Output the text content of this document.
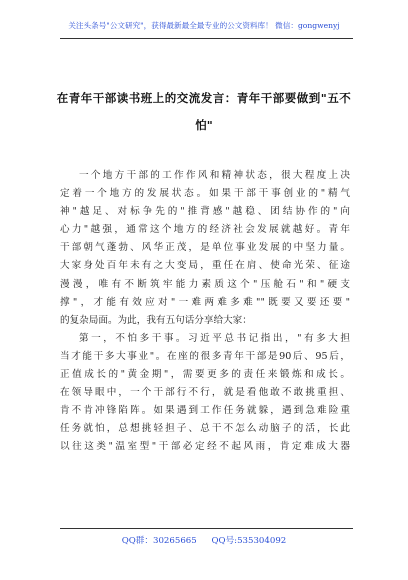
关注头条号"公文研究"，获得最新最全最专业的公文资料库！ 微信：gongwenyj
在青年干部读书班上的交流发言：青年干部要做到"五不
怕"
一个地方干部的工作作风和精神状态，很大程度上决
定着一个地方的发展状态。如果干部干事创业的"精气
神"越足、对标争先的"推背感"越稳、团结协作的"向
心力"越强，通常这个地方的经济社会发展就越好。青年
干部朝气蓬勃、风华正茂，是单位事业发展的中坚力量。
大家身处百年未有之大变局，重任在肩、使命光荣、征途
漫漫，唯有不断筑牢能力素质这个"压舱石"和"硬支
撑"，才能有效应对"一难两难多难""既要又要还要"
的复杂局面。为此，我有五句话分享给大家：
第一，不怕多干事。习近平总书记指出，"有多大担
当才能干多大事业"。在座的很多青年干部是90后、95后，
正值成长的"黄金期"，需要更多的责任来锻炼和成长。
在领导眼中，一个干部行不行，就是看他敢不敢挑重担、
肯不肯冲锋陷阵。如果遇到工作任务就躲，遇到急难险重
任务就怕，总想挑轻担子、总干不怎么动脑子的活，长此
以往这类"温室型"干部必定经不起风雨，肯定难成大器
QQ群：30265665 QQ号:535304092
